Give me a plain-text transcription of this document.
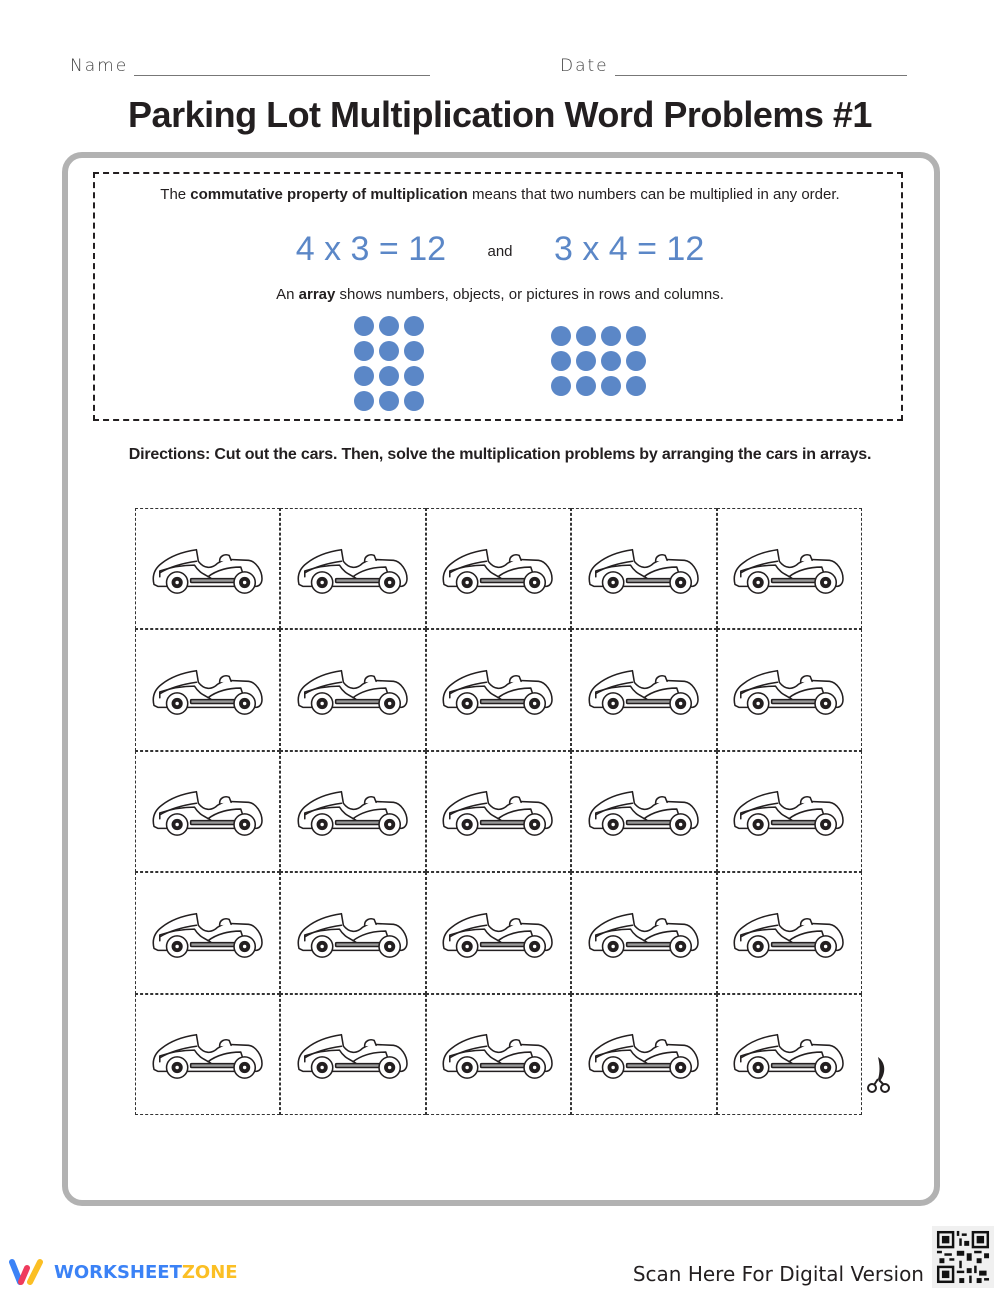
Name	Date
Parking Lot Multiplication Word Problems #1
The commutative property of multiplication means that two numbers can be multiplied in any order.
4 x 3 = 12	and 3 x 4 = 12
An array shows numbers, objects, or pictures in rows and columns.
Directions: Cut out the cars. Then, solve the multiplication problems by arranging the cars in arrays.
WORKSHEETZONE	Scan Here For Digital Version
